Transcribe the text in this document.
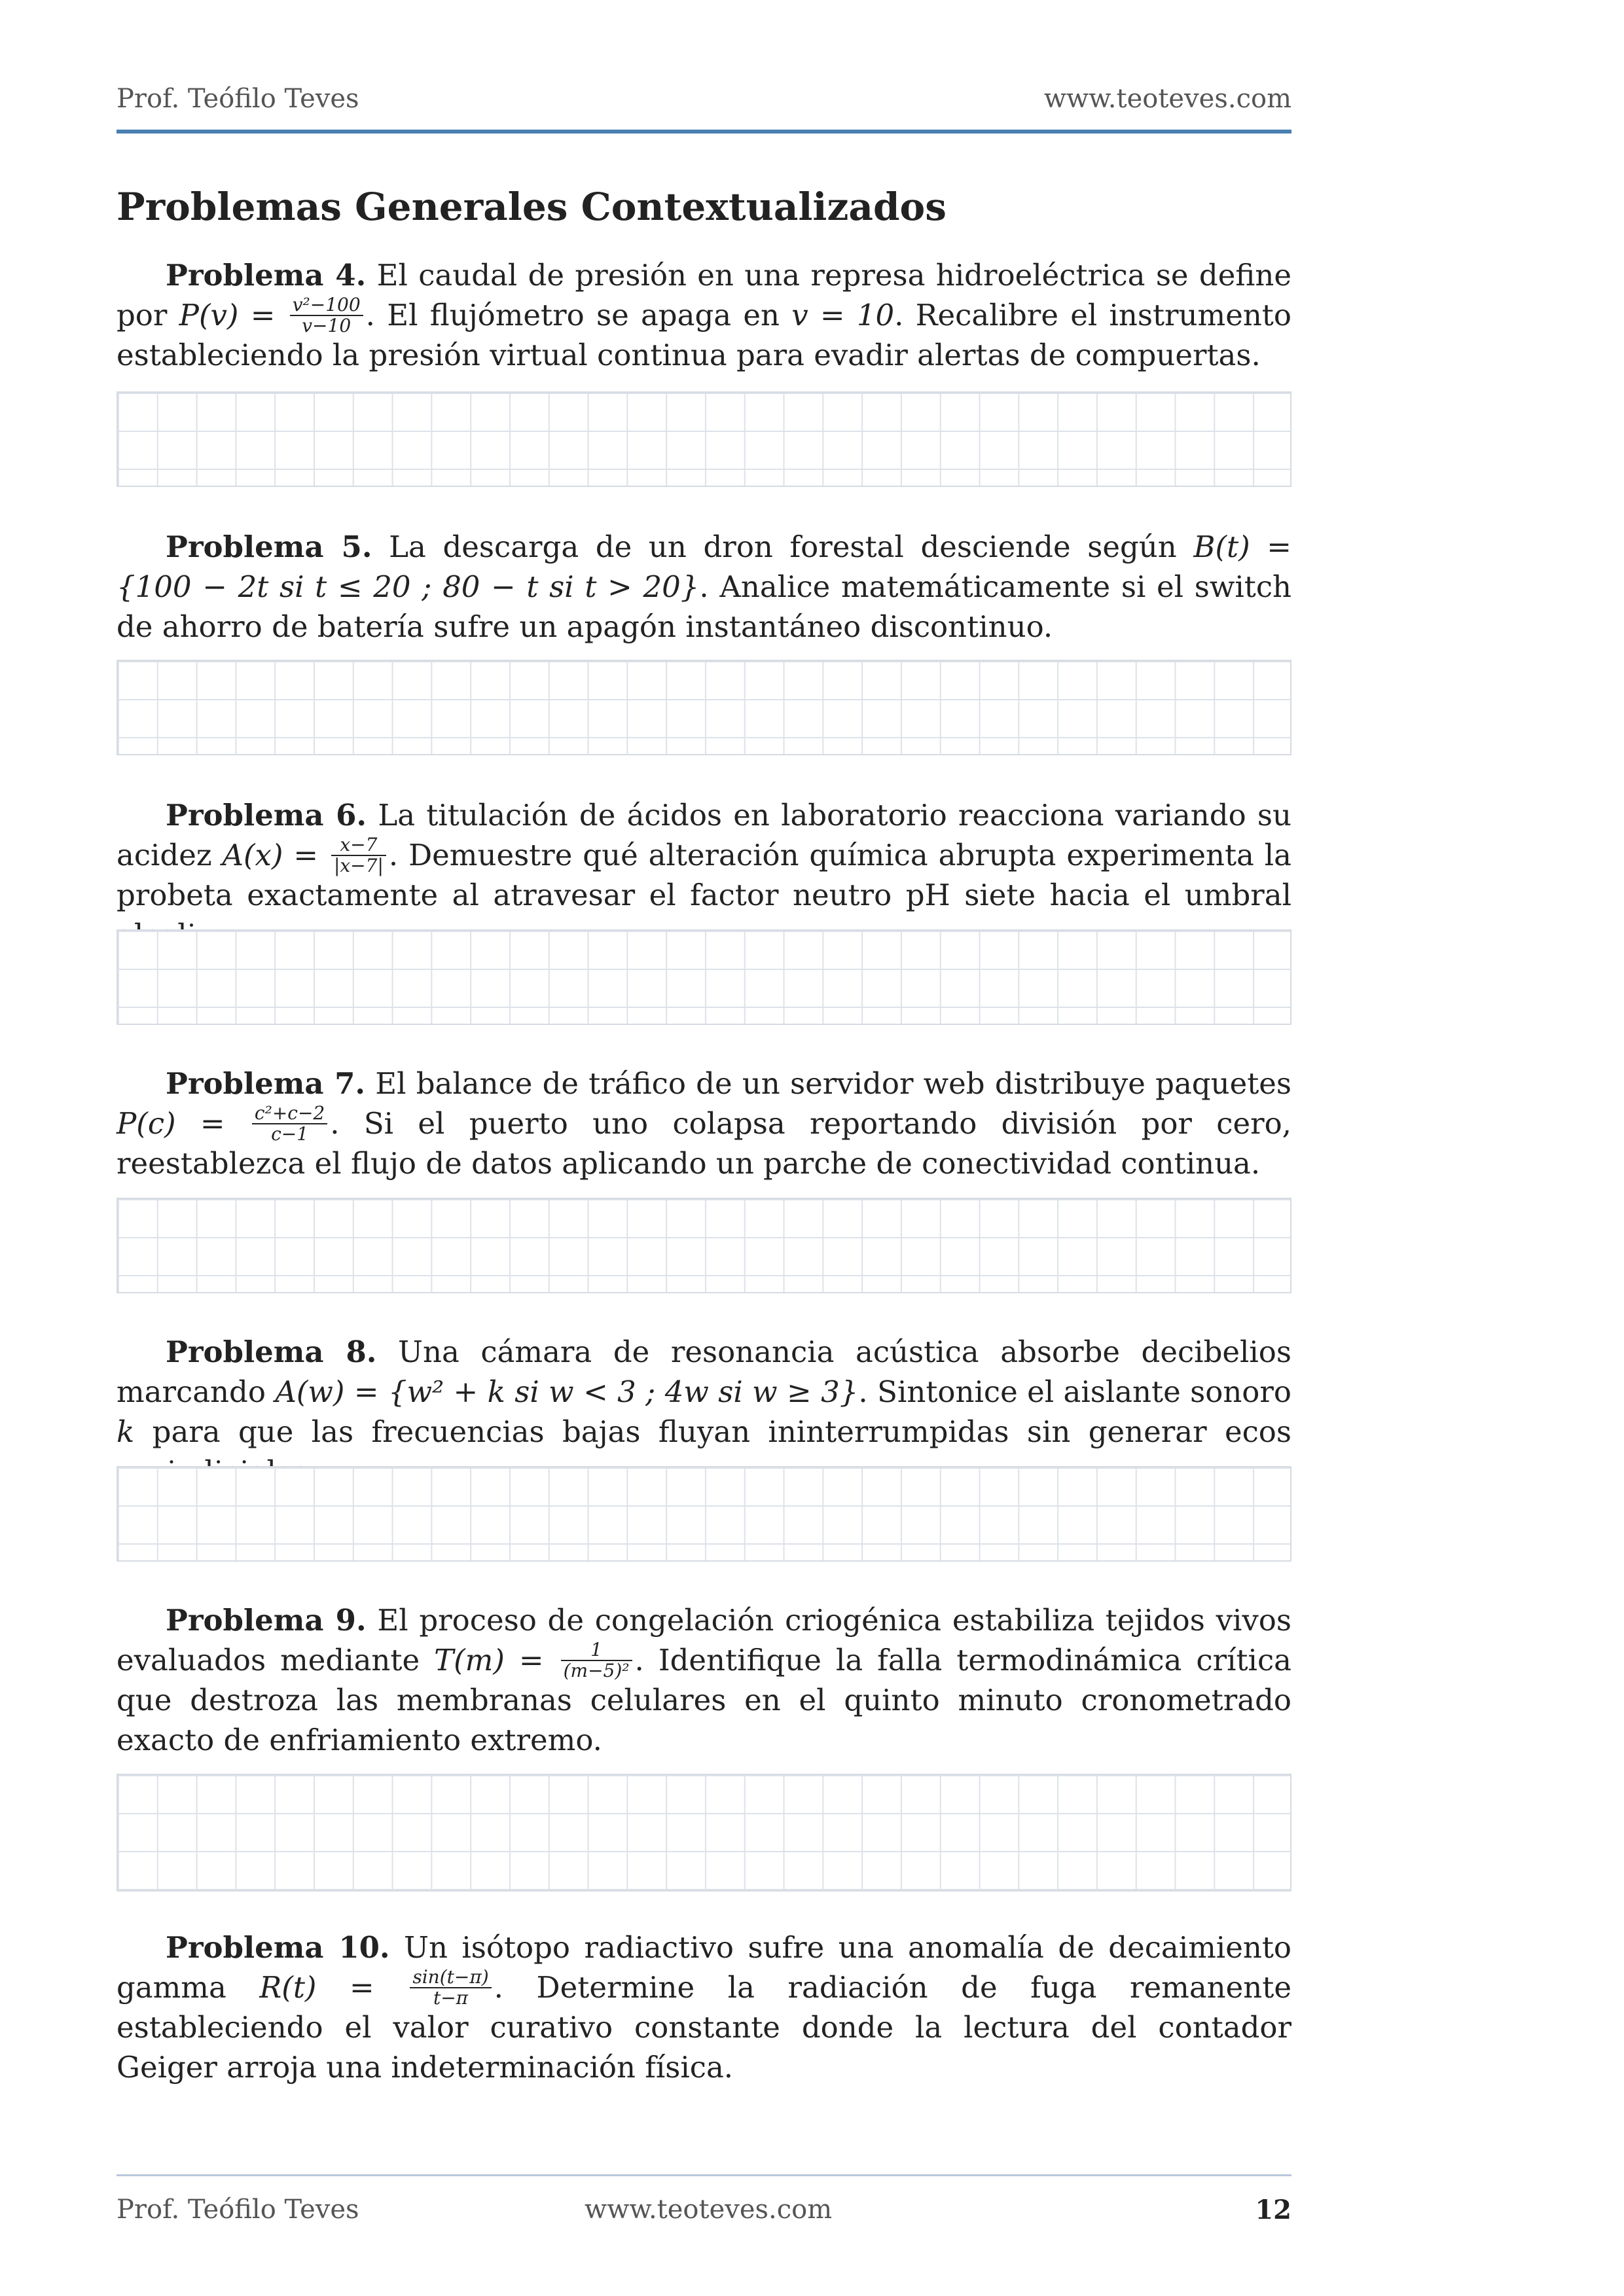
Prof. Teófilo Teves	www.teoteves.com
Problemas Generales Contextualizados
Problema 4. El caudal de presión en una represa hidroeléctrica se define por $P(v) = \frac{\text{v²−100}}{v-10}$ . El flujómetro se apaga en v = 10. Recalibre el instrumento estableciendo la presión virtual continua para evadir alertas de compuertas.
Problema 5. La descarga de un dron forestal desciende según B(t) = {100 − 2t si t ≤ 20 ; 80 − t si t > 20}. Analice matemáticamente si el switch de ahorro de batería sufre un apagón instantáneo discontinuo.
Problema 6. La titulación de ácidos en laboratorio reacciona variando su acidez $A(x) = \frac{x-7}{|x-7|}$ . Demuestre qué alteración química abrupta experimenta la probeta exactamente al atravesar el factor neutro pH siete hacia el umbral
Problema 7. El balance de tráfico de un servidor web distribuye paquetes $P(c) = \frac{\text{c²+c−2}}{c-1}$ . Si el puerto uno colapsa reportando división por cero, reestablezca el flujo de datos aplicando un parche de conectividad continua.
Problema 8. Una cámara de resonancia acústica absorbe decibelios marcando A(w) = {w² + k si w < 3 ; 4w si w ≥ 3}. Sintonice el aislante sonoro k para que las frecuencias bajas fluyan ininterrumpidas sin generar ecos
Problema 9. El proceso de congelación criogénica estabiliza tejidos vivos evaluados mediante $T(m) = \frac{1}{\text{(m−5)²}}$ . Identifique la falla termodinámica crítica que destroza las membranas celulares en el quinto minuto cronometrado exacto de enfriamiento extremo.
Problema 10. Un isótopo radiactivo sufre una anomalía de decaimiento gamma $R(t) = \frac{\sin(t-\pi)}{t-\pi}$ . Determine la radiación de fuga remanente estableciendo el valor curativo constante donde la lectura del contador Geiger arroja una indeterminación física.
Prof. Teófilo Teves	www.teoteves.com	12
